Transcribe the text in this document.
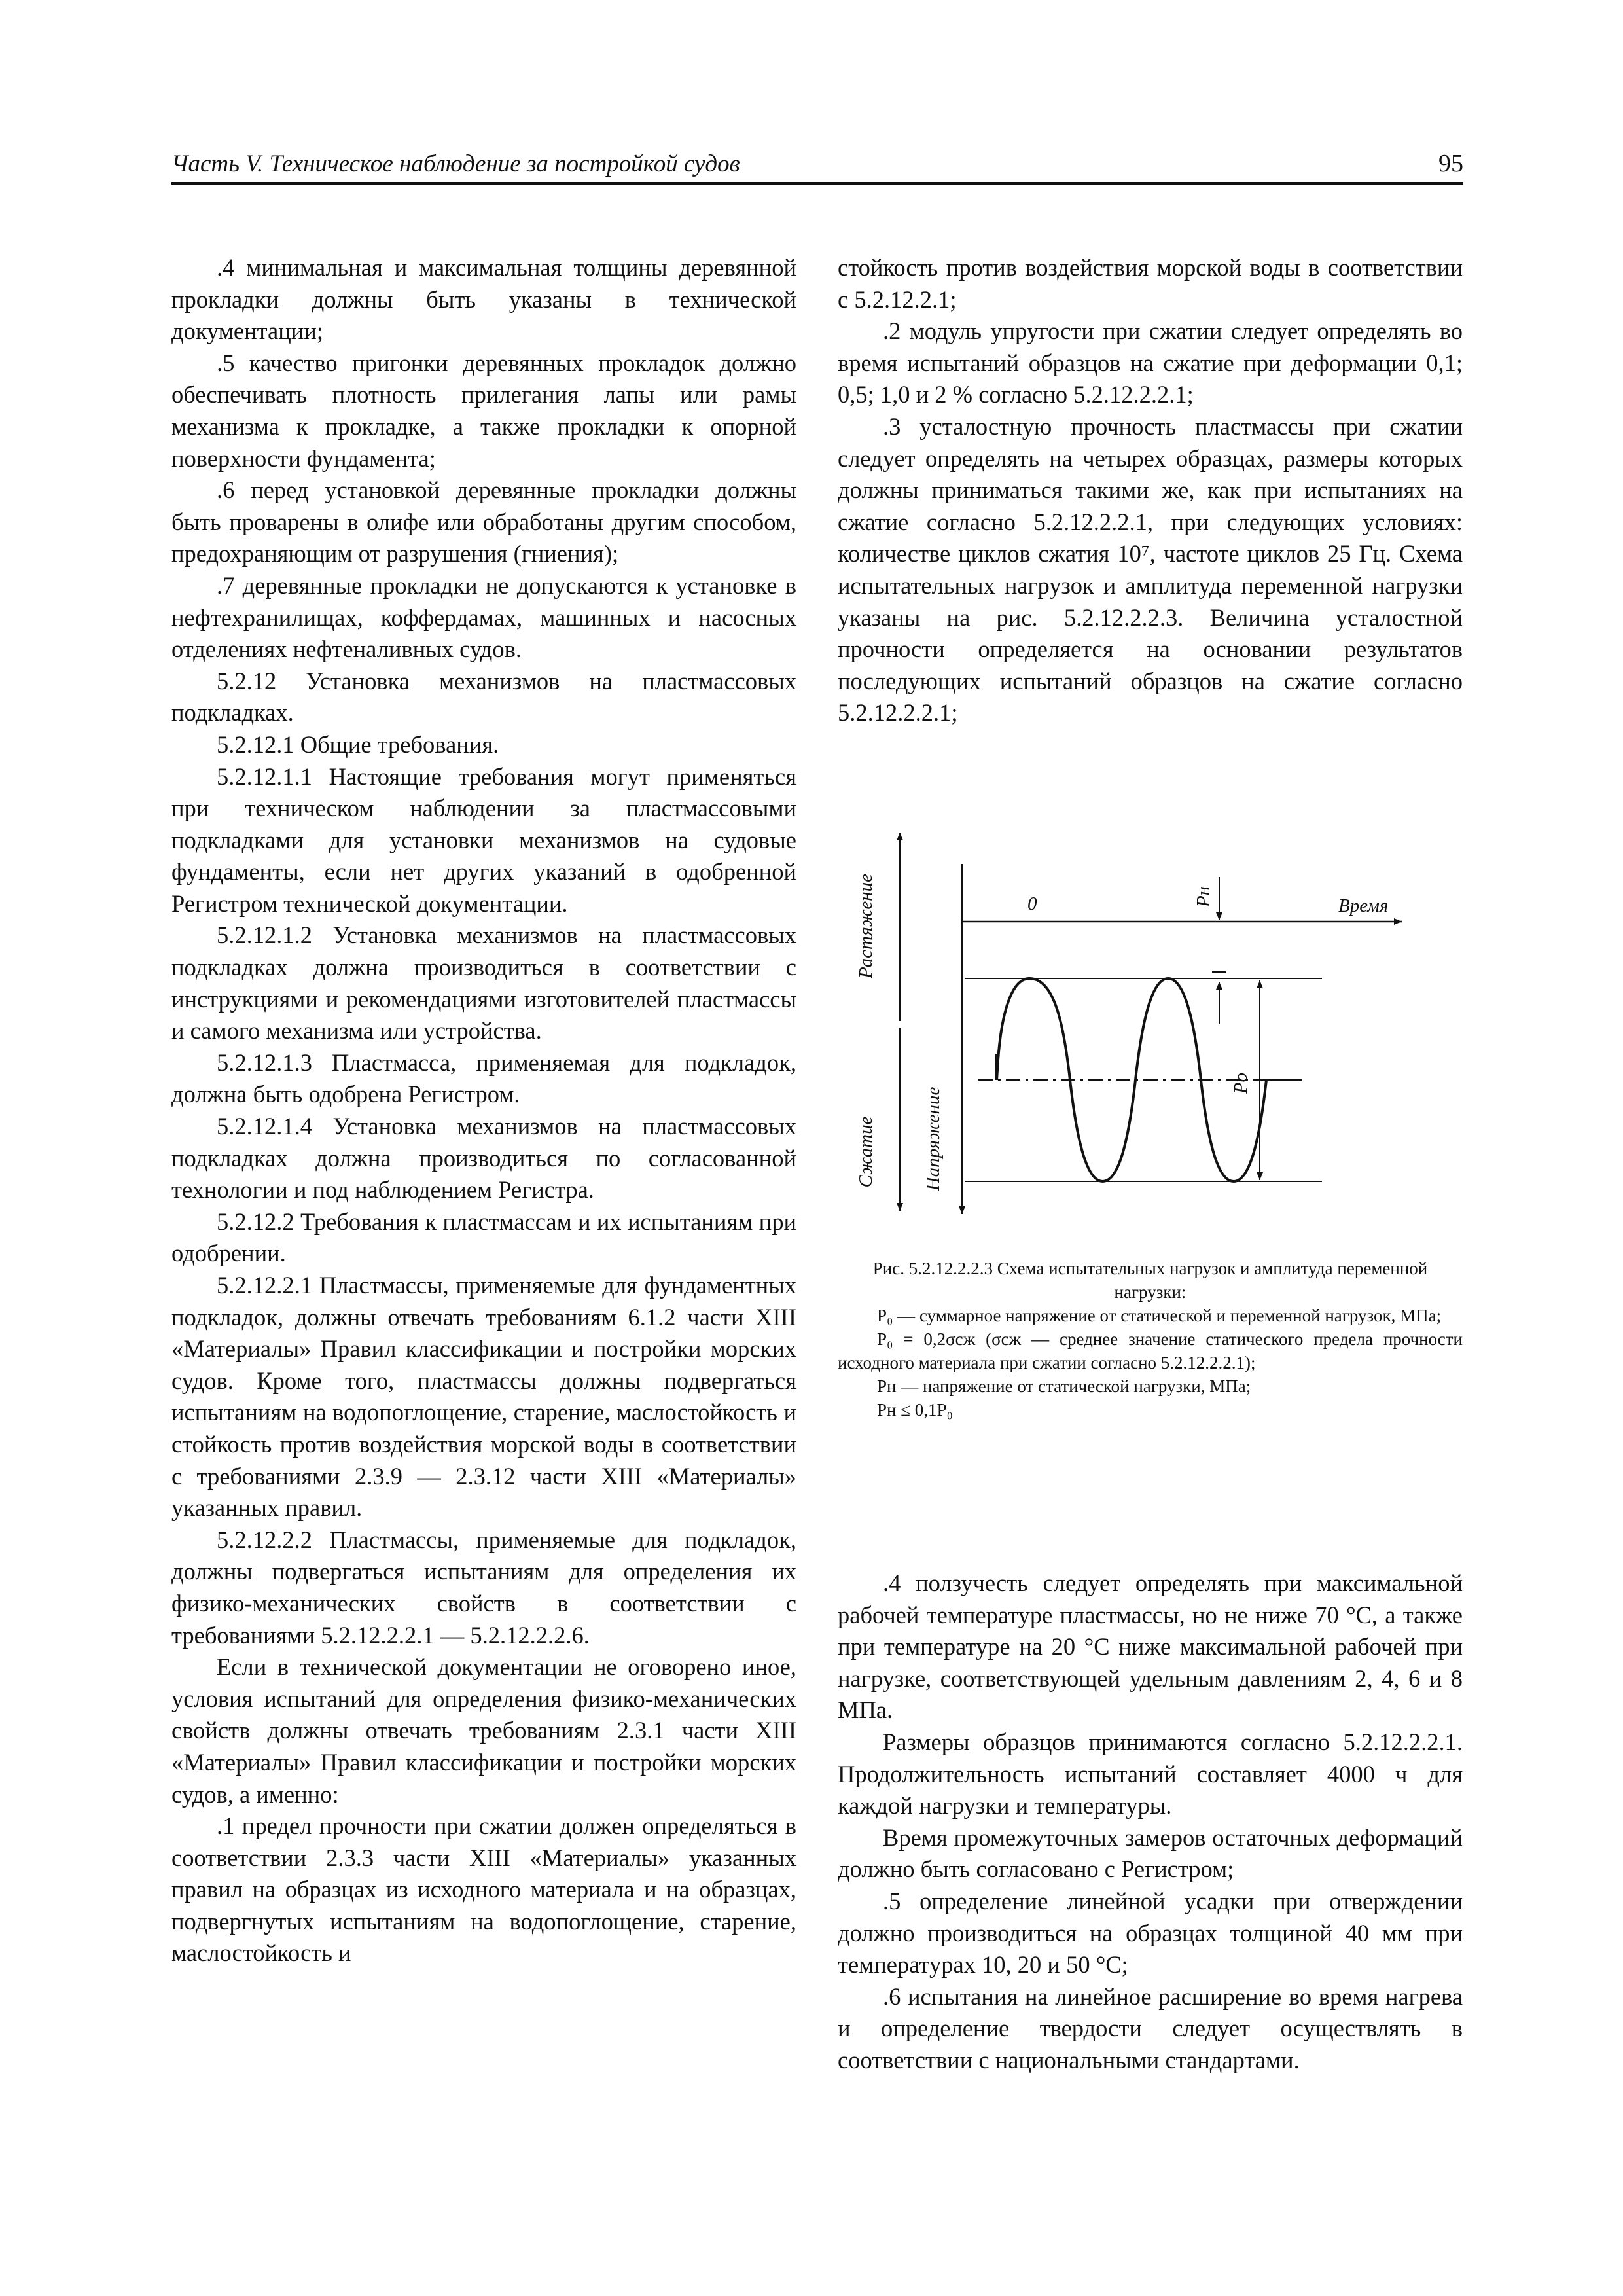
Часть V. Техническое наблюдение за постройкой судов	95

.4 минимальная и максимальная толщины деревянной прокладки должны быть указаны в технической документации;

.5 качество пригонки деревянных прокладок должно обеспечивать плотность прилегания лапы или рамы механизма к прокладке, а также прокладки к опорной поверхности фундамента;

.6 перед установкой деревянные прокладки должны быть проварены в олифе или обработаны другим способом, предохраняющим от разрушения (гниения);

.7 деревянные прокладки не допускаются к установке в нефтехранилищах, коффердамах, машинных и насосных отделениях нефтеналивных судов.

5.2.12 Установка механизмов на пластмассовых подкладках.

5.2.12.1 Общие требования.

5.2.12.1.1 Настоящие требования могут применяться при техническом наблюдении за пластмассовыми подкладками для установки механизмов на судовые фундаменты, если нет других указаний в одобренной Регистром технической документации.

5.2.12.1.2 Установка механизмов на пластмассовых подкладках должна производиться в соответствии с инструкциями и рекомендациями изготовителей пластмассы и самого механизма или устройства.

5.2.12.1.3 Пластмасса, применяемая для подкладок, должна быть одобрена Регистром.

5.2.12.1.4 Установка механизмов на пластмассовых подкладках должна производиться по согласованной технологии и под наблюдением Регистра.

5.2.12.2 Требования к пластмассам и их испытаниям при одобрении.

5.2.12.2.1 Пластмассы, применяемые для фундаментных подкладок, должны отвечать требованиям 6.1.2 части XIII «Материалы» Правил классификации и постройки морских судов. Кроме того, пластмассы должны подвергаться испытаниям на водопоглощение, старение, маслостойкость и стойкость против воздействия морской воды в соответствии с требованиями 2.3.9 — 2.3.12 части XIII «Материалы» указанных правил.

5.2.12.2.2 Пластмассы, применяемые для подкладок, должны подвергаться испытаниям для определения их физико-механических свойств в соответствии с требованиями 5.2.12.2.2.1 — 5.2.12.2.2.6.

Если в технической документации не оговорено иное, условия испытаний для определения физико-механических свойств должны отвечать требованиям 2.3.1 части XIII «Материалы» Правил классификации и постройки морских судов, а именно:

.1 предел прочности при сжатии должен определяться в соответствии 2.3.3 части XIII «Материалы» указанных правил на образцах из исходного материала и на образцах, подвергнутых испытаниям на водопоглощение, старение, маслостойкость и

стойкость против воздействия морской воды в соответствии с 5.2.12.2.1;

.2 модуль упругости при сжатии следует определять во время испытаний образцов на сжатие при деформации 0,1; 0,5; 1,0 и 2 % согласно 5.2.12.2.2.1;

.3 усталостную прочность пластмассы при сжатии следует определять на четырех образцах, размеры которых должны приниматься такими же, как при испытаниях на сжатие согласно 5.2.12.2.2.1, при следующих условиях: количестве циклов сжатия 10⁷, частоте циклов 25 Гц. Схема испытательных нагрузок и амплитуда переменной нагрузки указаны на рис. 5.2.12.2.2.3. Величина усталостной прочности определяется на основании результатов последующих испытаний образцов на сжатие согласно 5.2.12.2.2.1;

Растяжение
Сжатие Напряжение
Время
0	Pн
Pо
Рис. 5.2.12.2.2.3 Схема испытательных нагрузок и амплитуда переменной нагрузки:
P₀ — суммарное напряжение от статической и переменной нагрузок, МПа;
P₀ = 0,2σсж (σсж — среднее значение статического предела прочности исходного материала при сжатии согласно 5.2.12.2.2.1);
Pн — напряжение от статической нагрузки, МПа;
Pн ≤ 0,1P₀

.4 ползучесть следует определять при максимальной рабочей температуре пластмассы, но не ниже 70 °C, а также при температуре на 20 °C ниже максимальной рабочей при нагрузке, соответствующей удельным давлениям 2, 4, 6 и 8 МПа.

Размеры образцов принимаются согласно 5.2.12.2.2.1. Продолжительность испытаний составляет 4000 ч для каждой нагрузки и температуры.

Время промежуточных замеров остаточных деформаций должно быть согласовано с Регистром;

.5 определение линейной усадки при отверждении должно производиться на образцах толщиной 40 мм при температурах 10, 20 и 50 °C;

.6 испытания на линейное расширение во время нагрева и определение твердости следует осуществлять в соответствии с национальными стандартами.
